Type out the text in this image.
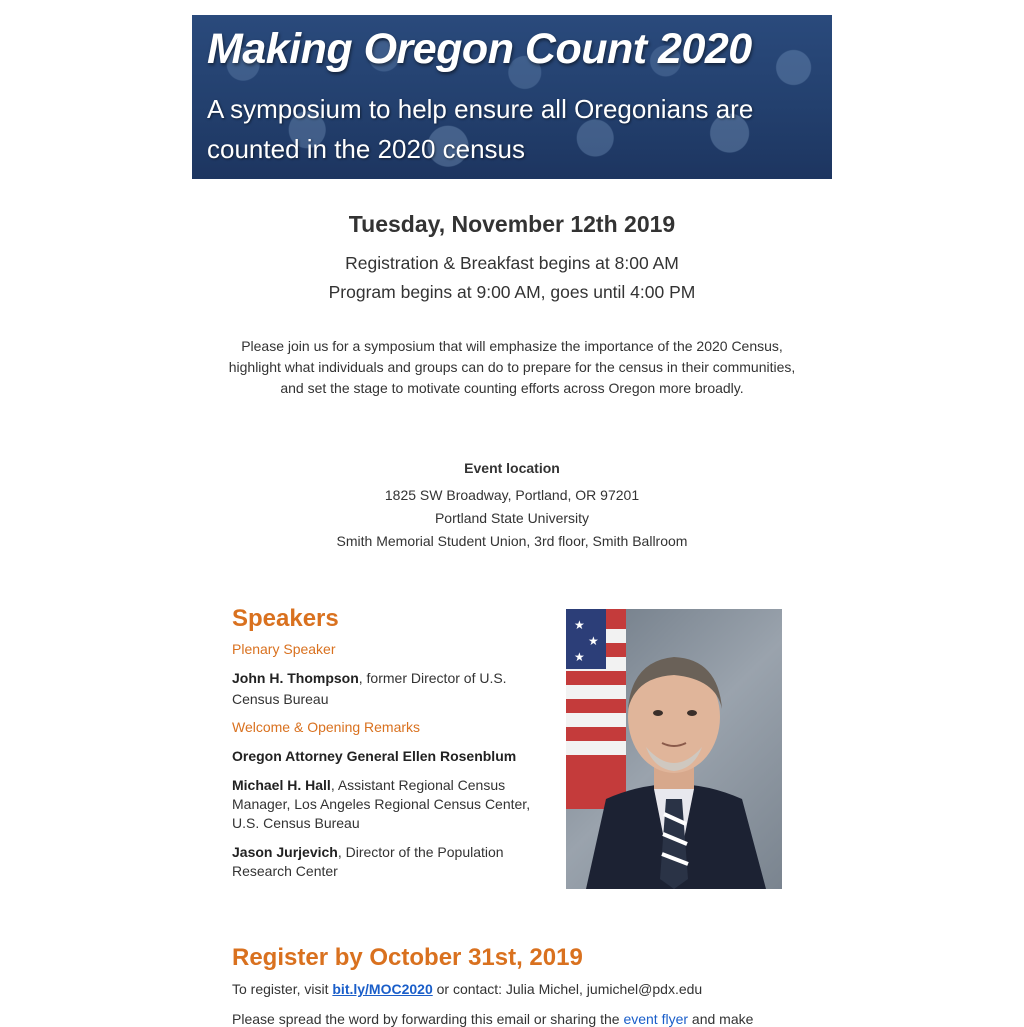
Making Oregon Count 2020
A symposium to help ensure all Oregonians are counted in the 2020 census
Tuesday, November 12th 2019
Registration & Breakfast begins at 8:00 AM
Program begins at 9:00 AM, goes until 4:00 PM
Please join us for a symposium that will emphasize the importance of the 2020 Census, highlight what individuals and groups can do to prepare for the census in their communities, and set the stage to motivate counting efforts across Oregon more broadly.
Event location
1825 SW Broadway, Portland, OR 97201
Portland State University
Smith Memorial Student Union, 3rd floor, Smith Ballroom
Speakers
Plenary Speaker
John H. Thompson, former Director of U.S. Census Bureau
Welcome & Opening Remarks
Oregon Attorney General Ellen Rosenblum
Michael H. Hall, Assistant Regional Census Manager, Los Angeles Regional Census Center, U.S. Census Bureau
Jason Jurjevich, Director of the Population Research Center
★
★
★
Register by October 31st, 2019
To register, visit bit.ly/MOC2020 or contact: Julia Michel, jumichel@pdx.edu
Please spread the word by forwarding this email or sharing the event flyer and make
